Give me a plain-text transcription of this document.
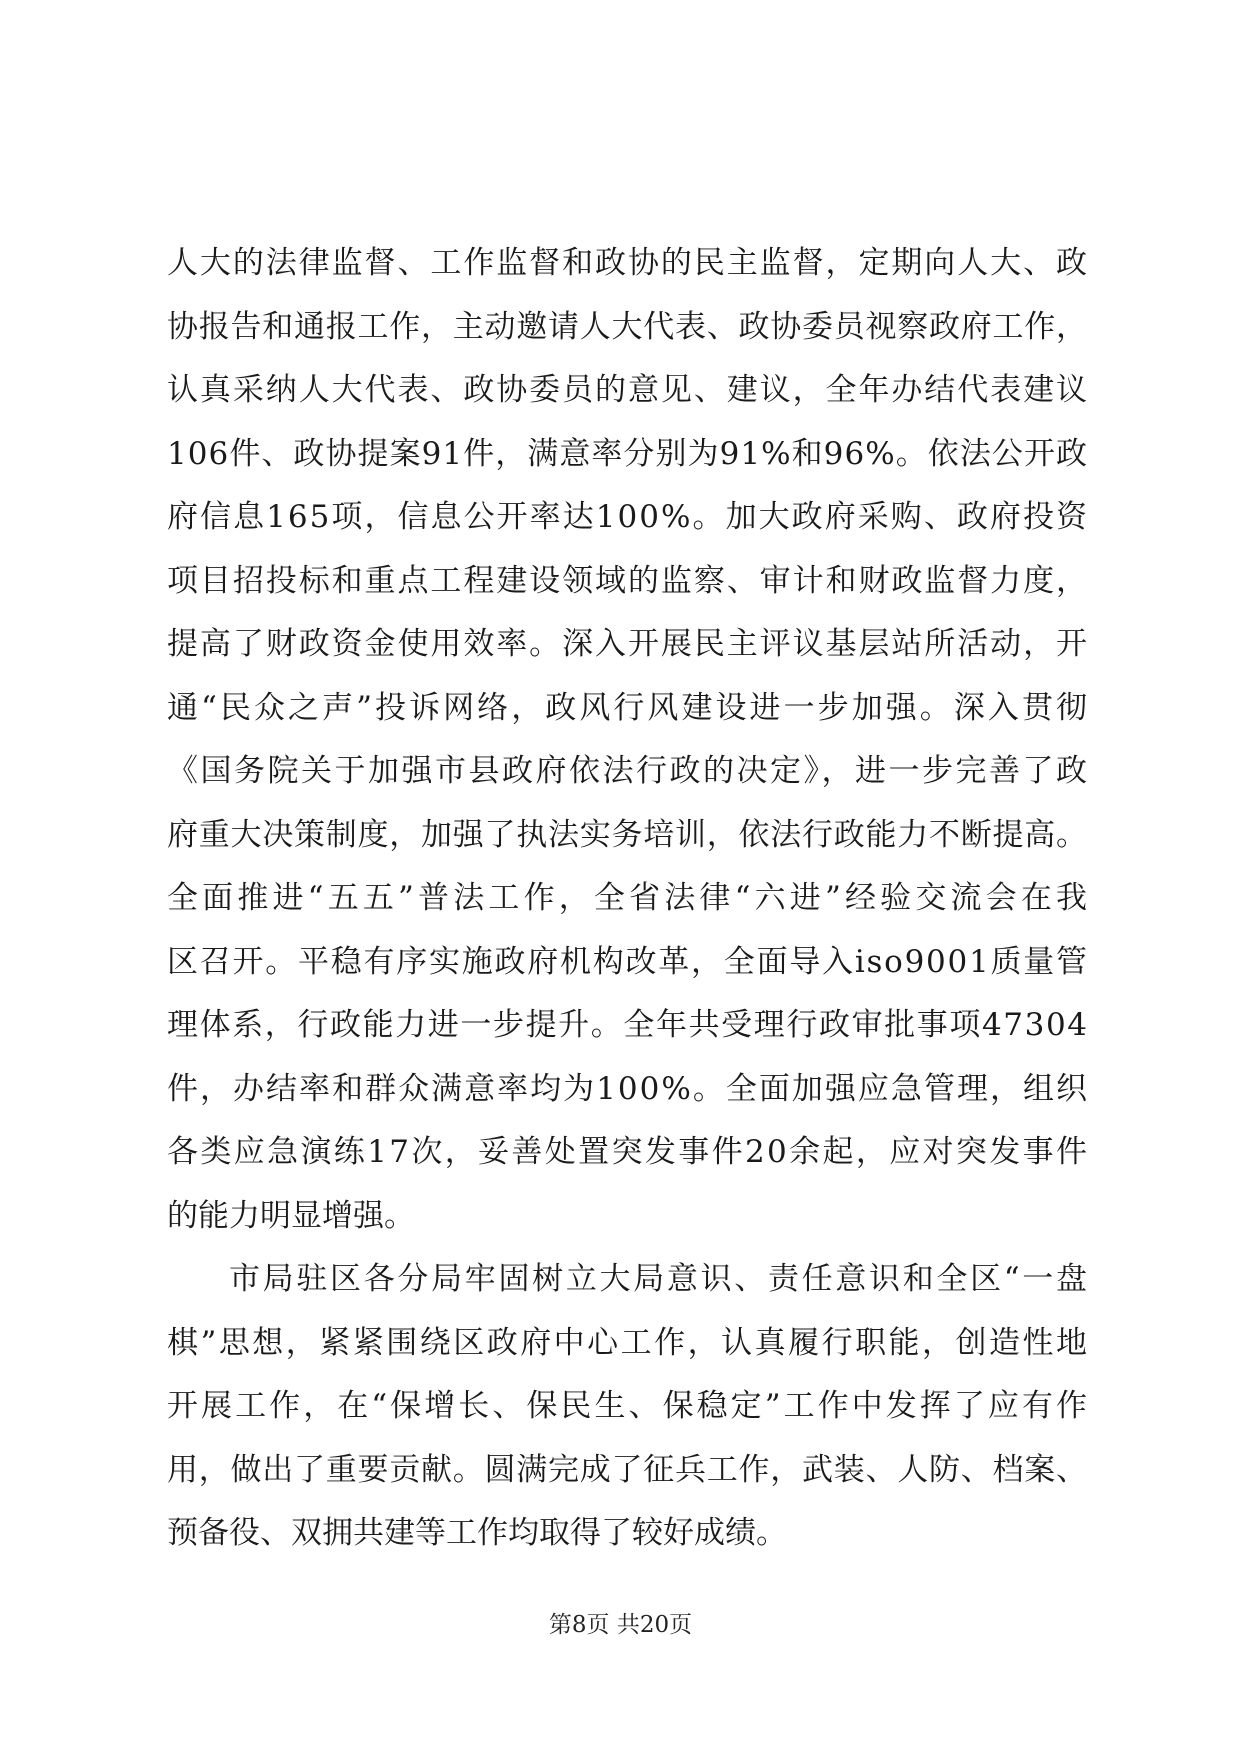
人大的法律监督、工作监督和政协的民主监督，定期向人大、政
协报告和通报工作，主动邀请人大代表、政协委员视察政府工作，
认真采纳人大代表、政协委员的意见、建议，全年办结代表建议
106件、政协提案91件，满意率分别为91%和96%。依法公开政
府信息165项，信息公开率达100%。加大政府采购、政府投资
项目招投标和重点工程建设领域的监察、审计和财政监督力度，
提高了财政资金使用效率。深入开展民主评议基层站所活动，开
通“民众之声”投诉网络，政风行风建设进一步加强。深入贯彻
《国务院关于加强市县政府依法行政的决定》，进一步完善了政
府重大决策制度，加强了执法实务培训，依法行政能力不断提高。
全面推进“五五”普法工作，全省法律“六进”经验交流会在我
区召开。平稳有序实施政府机构改革，全面导入iso9001质量管
理体系，行政能力进一步提升。全年共受理行政审批事项47304
件，办结率和群众满意率均为100%。全面加强应急管理，组织
各类应急演练17次，妥善处置突发事件20余起，应对突发事件
的能力明显增强。
市局驻区各分局牢固树立大局意识、责任意识和全区“一盘
棋”思想，紧紧围绕区政府中心工作，认真履行职能，创造性地
开展工作，在“保增长、保民生、保稳定”工作中发挥了应有作
用，做出了重要贡献。圆满完成了征兵工作，武装、人防、档案、
预备役、双拥共建等工作均取得了较好成绩。
第8页 共20页
